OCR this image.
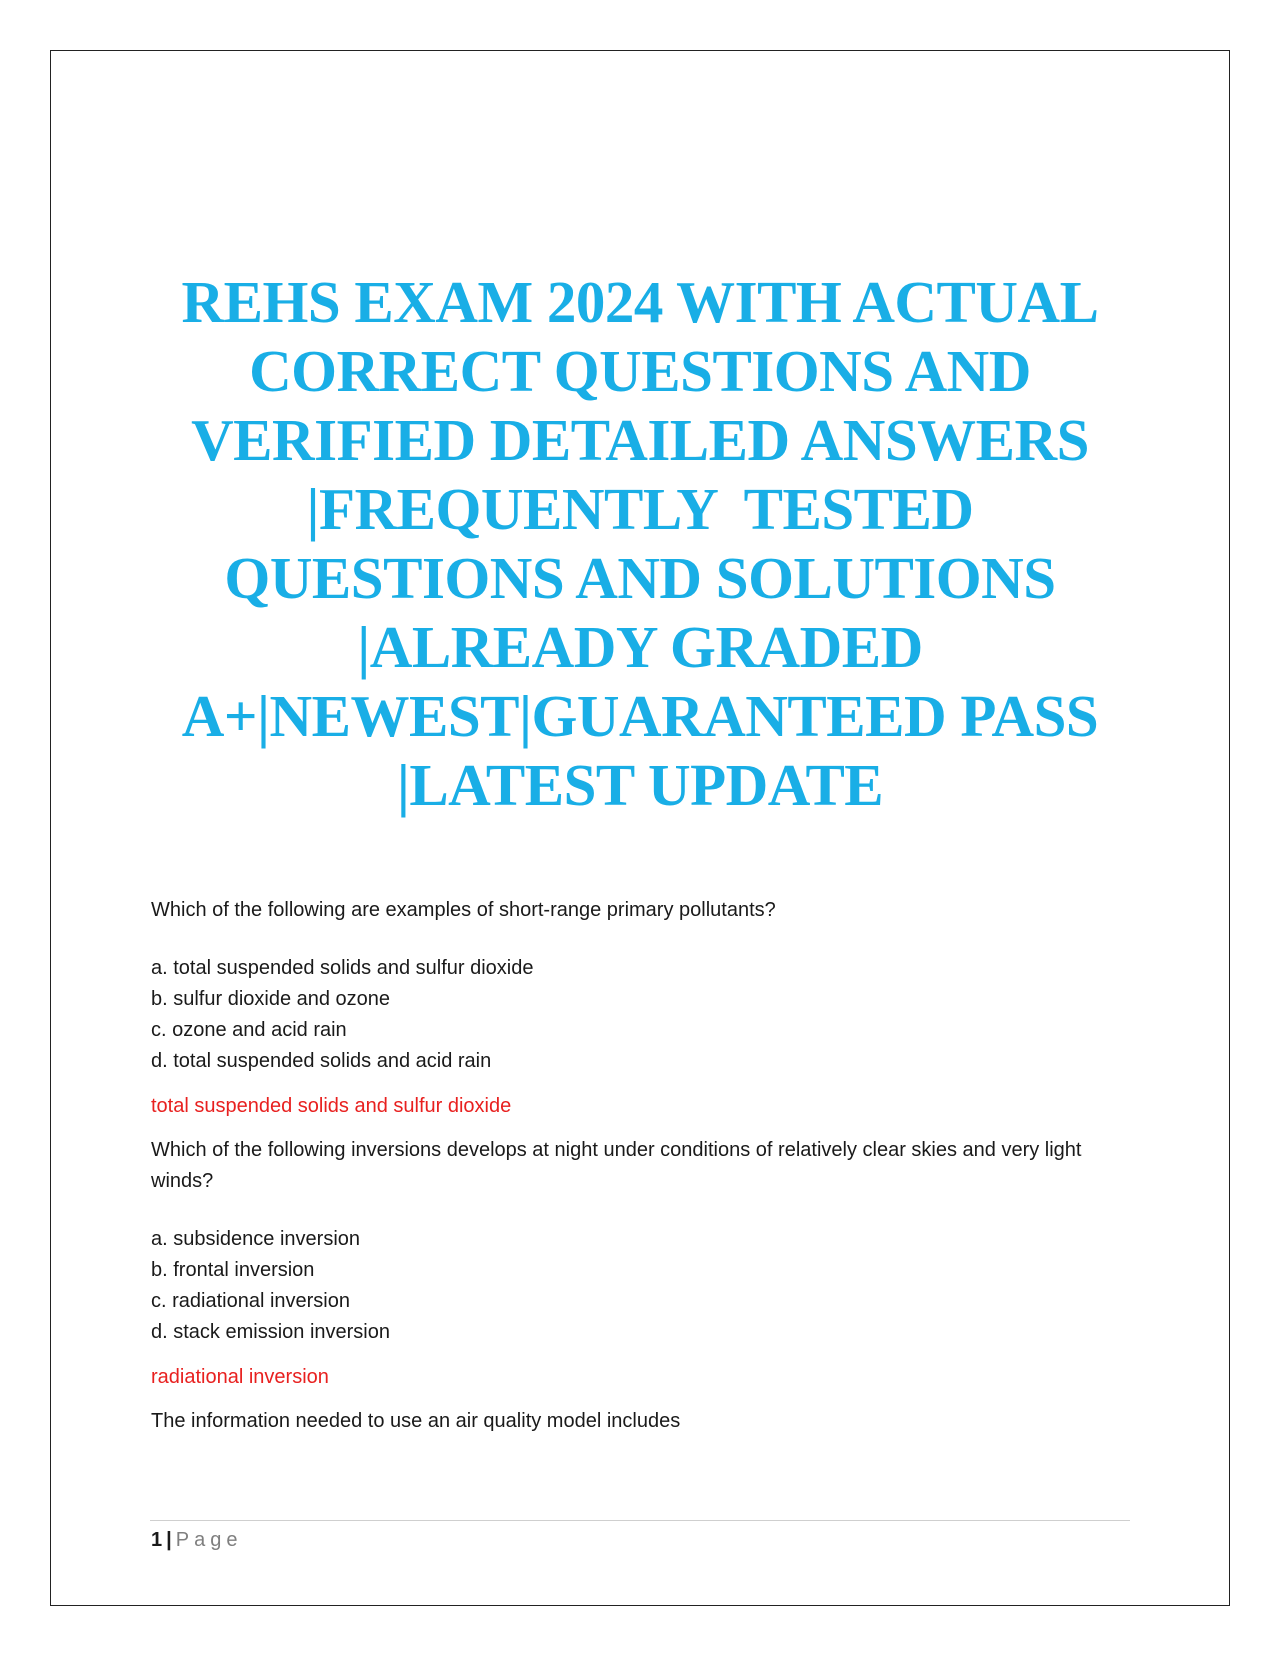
REHS EXAM 2024 WITH ACTUAL
CORRECT QUESTIONS AND
VERIFIED DETAILED ANSWERS
|FREQUENTLY  TESTED
QUESTIONS AND SOLUTIONS
|ALREADY GRADED
A+|NEWEST|GUARANTEED PASS
|LATEST UPDATE
Which of the following are examples of short-range primary pollutants?
a. total suspended solids and sulfur dioxide
b. sulfur dioxide and ozone
c. ozone and acid rain
d. total suspended solids and acid rain
total suspended solids and sulfur dioxide
Which of the following inversions develops at night under conditions of relatively clear skies and very light winds?
a. subsidence inversion
b. frontal inversion
c. radiational inversion
d. stack emission inversion
radiational inversion
The information needed to use an air quality model includes
1 | Page
